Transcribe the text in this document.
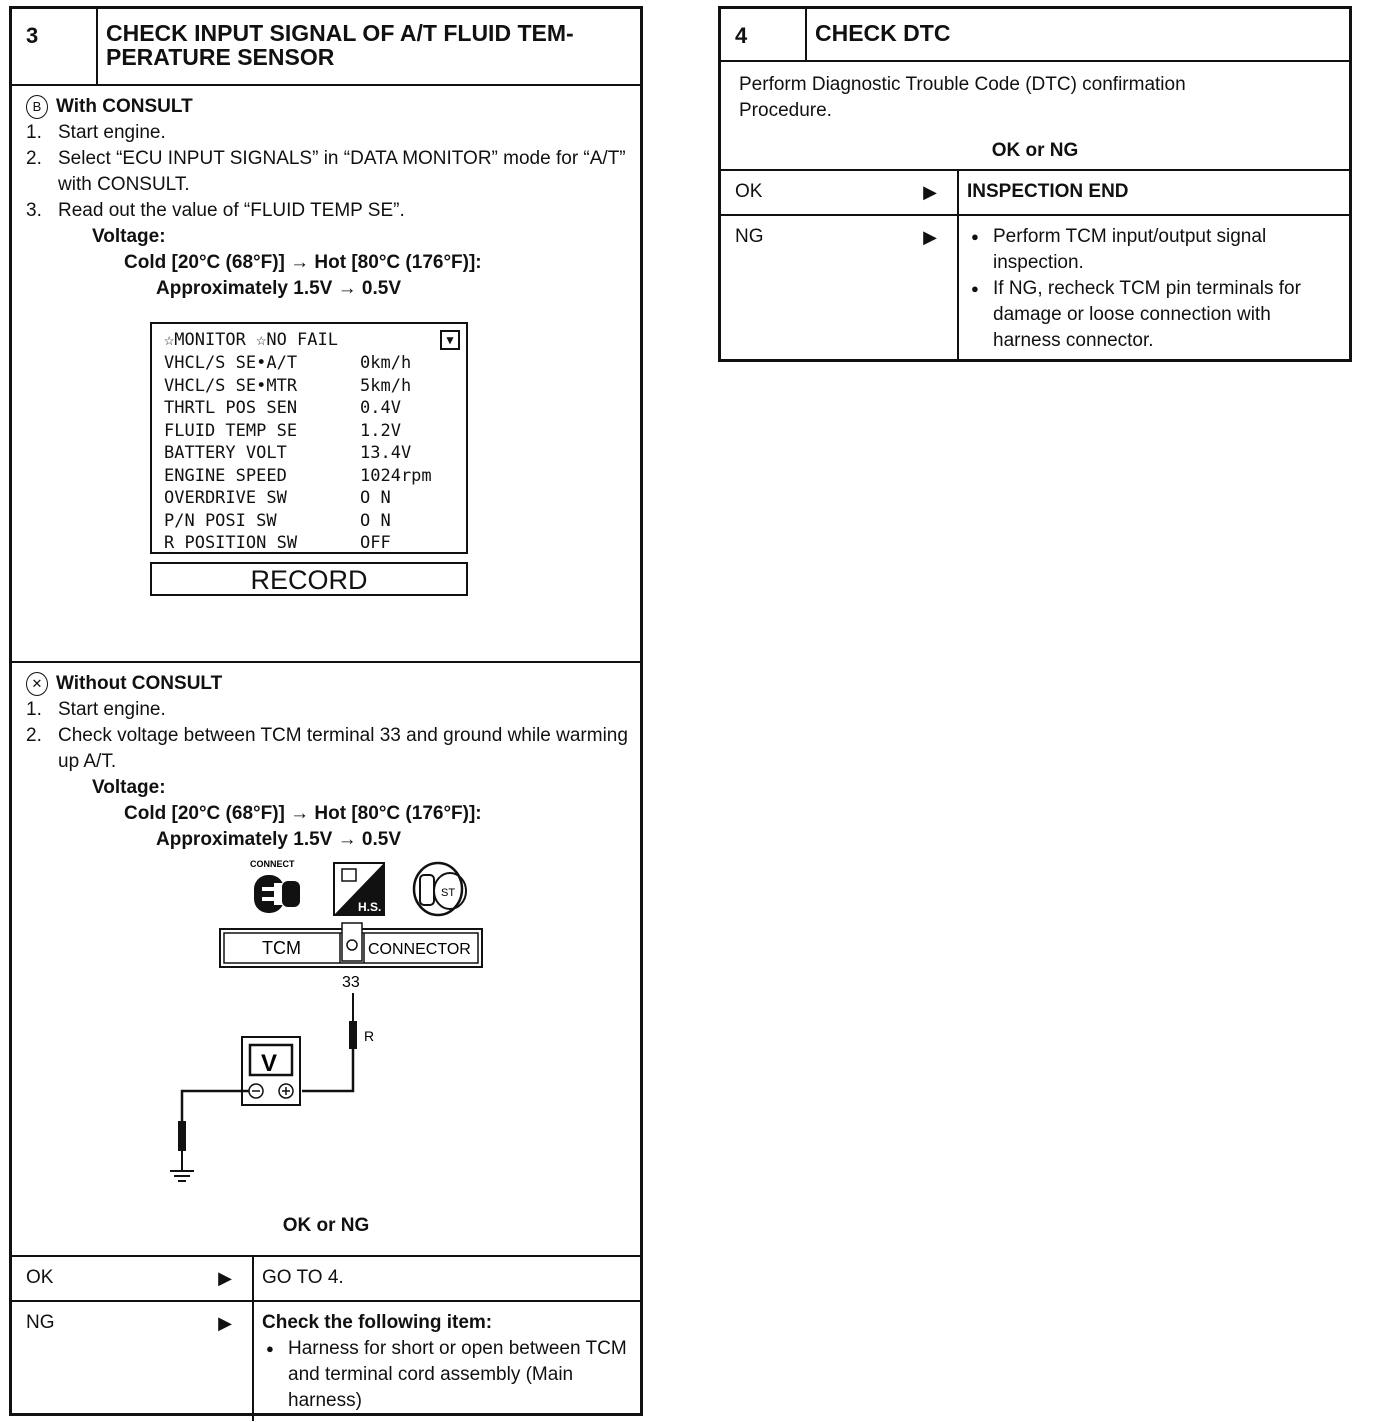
3	CHECK INPUT SIGNAL OF A/T FLUID TEM-PERATURE SENSOR
B With CONSULT
1. Start engine.
2. Select “ECU INPUT SIGNALS” in “DATA MONITOR” mode for “A/T” with CONSULT.
3. Read out the value of “FLUID TEMP SE”.
Voltage:
Cold [20°C (68°F)] → Hot [80°C (176°F)]:
Approximately 1.5V → 0.5V
☆MONITOR ☆NO FAIL	▼
VHCL/S SE•A/T	0km/h
VHCL/S SE•MTR	5km/h
THRTL POS SEN	0.4V
FLUID TEMP SE	1.2V
BATTERY VOLT	13.4V
ENGINE SPEED	1024rpm
OVERDRIVE SW	O N
P/N POSI SW	O N
R POSITION SW	OFF
RECORD
✕ Without CONSULT
1. Start engine.
2. Check voltage between TCM terminal 33 and ground while warming up A/T.
Voltage:
Cold [20°C (68°F)] → Hot [80°C (176°F)]:
Approximately 1.5V → 0.5V
CONNECT
H.S.
ST
TCM	CONNECTOR
33
R
V
OK or NG
OK	▶	GO TO 4.
NG	▶ Check the following item:
● Harness for short or open between TCM and terminal cord assembly (Main harness)
4	CHECK DTC
Perform Diagnostic Trouble Code (DTC) confirmation Procedure.
OK or NG
OK	▶	INSPECTION END
NG	▶
●	Perform TCM input/output signal inspection.
● If NG, recheck TCM pin terminals for damage or loose connection with harness connector.
